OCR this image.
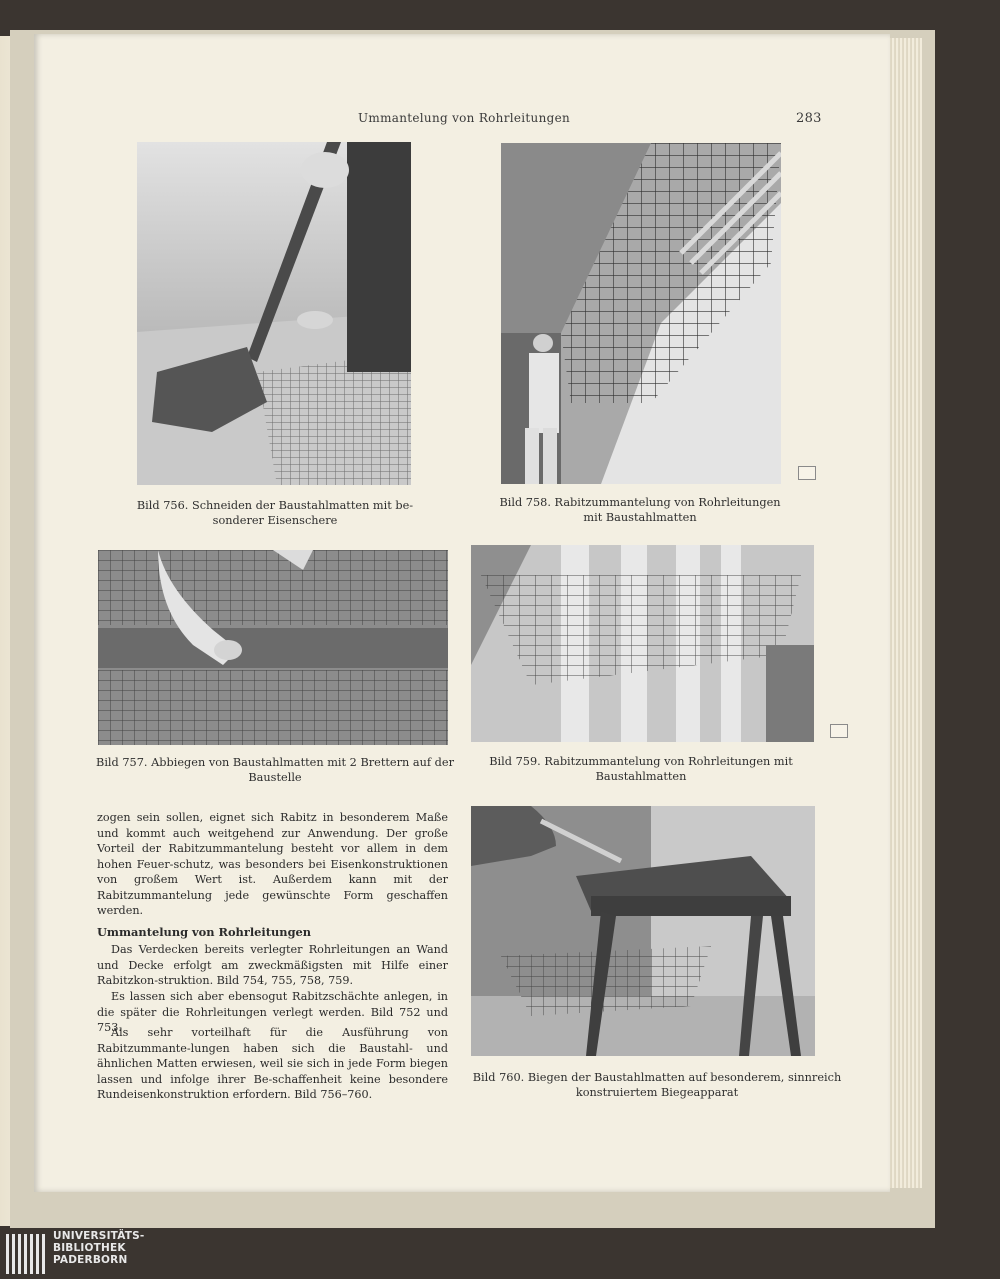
Ummantelung von Rohrleitungen	283
Bild 756. Schneiden der Baustahlmatten mit be-
sonderer Eisenschere
Bild 758. Rabitzummantelung von Rohrleitungen
mit Baustahlmatten
Bild 757. Abbiegen von Baustahlmatten mit 2 Brettern auf der
Baustelle
Bild 759. Rabitzummantelung von Rohrleitungen mit
Baustahlmatten

zogen sein sollen, eignet sich Rabitz in besonderem Maße und kommt auch weitgehend zur Anwendung. Der große Vorteil der Rabitzummantelung besteht vor allem in dem hohen Feuer-schutz, was besonders bei Eisenkonstruktionen von großem Wert ist. Außerdem kann mit der Rabitzummantelung jede gewünschte Form geschaffen werden.

Ummantelung von Rohrleitungen

Das Verdecken bereits verlegter Rohrleitungen an Wand und Decke erfolgt am zweckmäßigsten mit Hilfe einer Rabitzkon-struktion. Bild 754, 755, 758, 759.

Es lassen sich aber ebensogut Rabitzschächte anlegen, in die später die Rohrleitungen verlegt werden. Bild 752 und 753.

Als sehr vorteilhaft für die Ausführung von Rabitzummante-lungen haben sich die Baustahl- und ähnlichen Matten erwiesen, weil sie sich in jede Form biegen lassen und infolge ihrer Be-schaffenheit keine besondere Rundeisenkonstruktion erfordern. Bild 756–760.

Bild 760. Biegen der Baustahlmatten auf besonderem, sinnreich
konstruiertem Biegeapparat
UNIVERSITÄTS-
BIBLIOTHEK
PADERBORN
